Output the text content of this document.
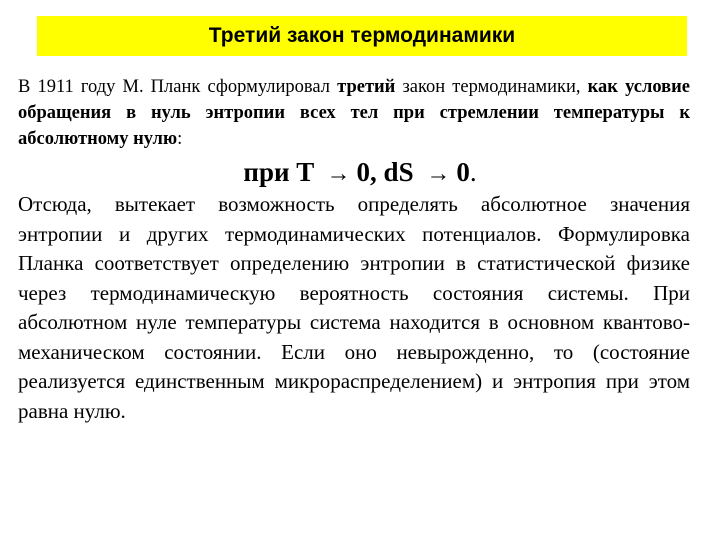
Третий закон термодинамики

В 1911 году М. Планк сформулировал третий закон термодинамики, как условие обращения в нуль энтропии всех тел при стремлении температуры к абсолютному нулю:

при T → 0, dS → 0.

Отсюда, вытекает возможность определять абсолютное значения энтропии и других термодинамических потенциалов. Формулировка Планка соответствует определению энтропии в статистической физике через термодинамическую вероятность состояния системы. При абсолютном нуле температуры система находится в основном квантово-механическом состоянии. Если оно невырожденно, то (состояние реализуется единственным микрораспределением) и энтропия при этом равна нулю.
